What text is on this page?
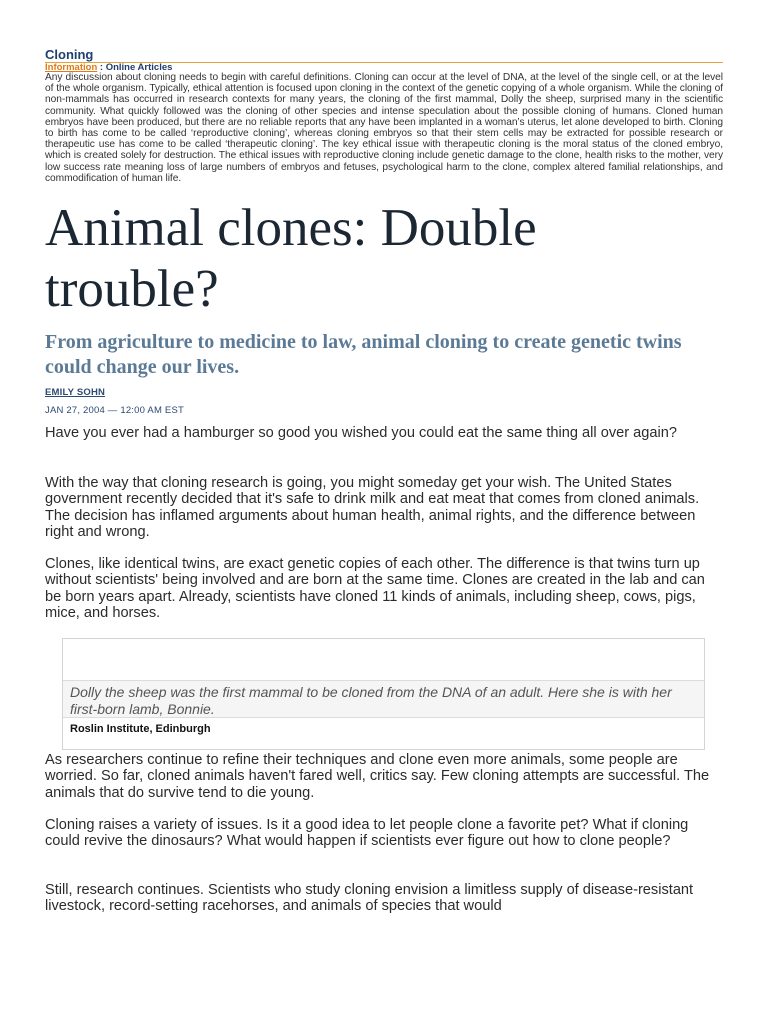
Cloning
Information : Online Articles
Any discussion about cloning needs to begin with careful definitions. Cloning can occur at the level of DNA, at the level of the single cell, or at the level of the whole organism. Typically, ethical attention is focused upon cloning in the context of the genetic copying of a whole organism. While the cloning of non-mammals has occurred in research contexts for many years, the cloning of the first mammal, Dolly the sheep, surprised many in the scientific community. What quickly followed was the cloning of other species and intense speculation about the possible cloning of humans. Cloned human embryos have been produced, but there are no reliable reports that any have been implanted in a woman’s uterus, let alone developed to birth. Cloning to birth has come to be called ‘reproductive cloning’, whereas cloning embryos so that their stem cells may be extracted for possible research or therapeutic use has come to be called ‘therapeutic cloning’. The key ethical issue with therapeutic cloning is the moral status of the cloned embryo, which is created solely for destruction. The ethical issues with reproductive cloning include genetic damage to the clone, health risks to the mother, very low success rate meaning loss of large numbers of embryos and fetuses, psychological harm to the clone, complex altered familial relationships, and commodification of human life.
Animal clones: Double trouble?
From agriculture to medicine to law, animal cloning to create genetic twins could change our lives.
EMILY SOHN
JAN 27, 2004 — 12:00 AM EST

Have you ever had a hamburger so good you wished you could eat the same thing all over again?

With the way that cloning research is going, you might someday get your wish. The United States government recently decided that it's safe to drink milk and eat meat that comes from cloned animals. The decision has inflamed arguments about human health, animal rights, and the difference between right and wrong.

Clones, like identical twins, are exact genetic copies of each other. The difference is that twins turn up without scientists' being involved and are born at the same time. Clones are created in the lab and can be born years apart. Already, scientists have cloned 11 kinds of animals, including sheep, cows, pigs, mice, and horses.

Dolly the sheep was the first mammal to be cloned from the DNA of an adult. Here she is with her first-born lamb, Bonnie.
Roslin Institute, Edinburgh

As researchers continue to refine their techniques and clone even more animals, some people are worried. So far, cloned animals haven't fared well, critics say. Few cloning attempts are successful. The animals that do survive tend to die young.

Cloning raises a variety of issues. Is it a good idea to let people clone a favorite pet? What if cloning could revive the dinosaurs? What would happen if scientists ever figure out how to clone people?

Still, research continues. Scientists who study cloning envision a limitless supply of disease-resistant livestock, record-setting racehorses, and animals of species that would
